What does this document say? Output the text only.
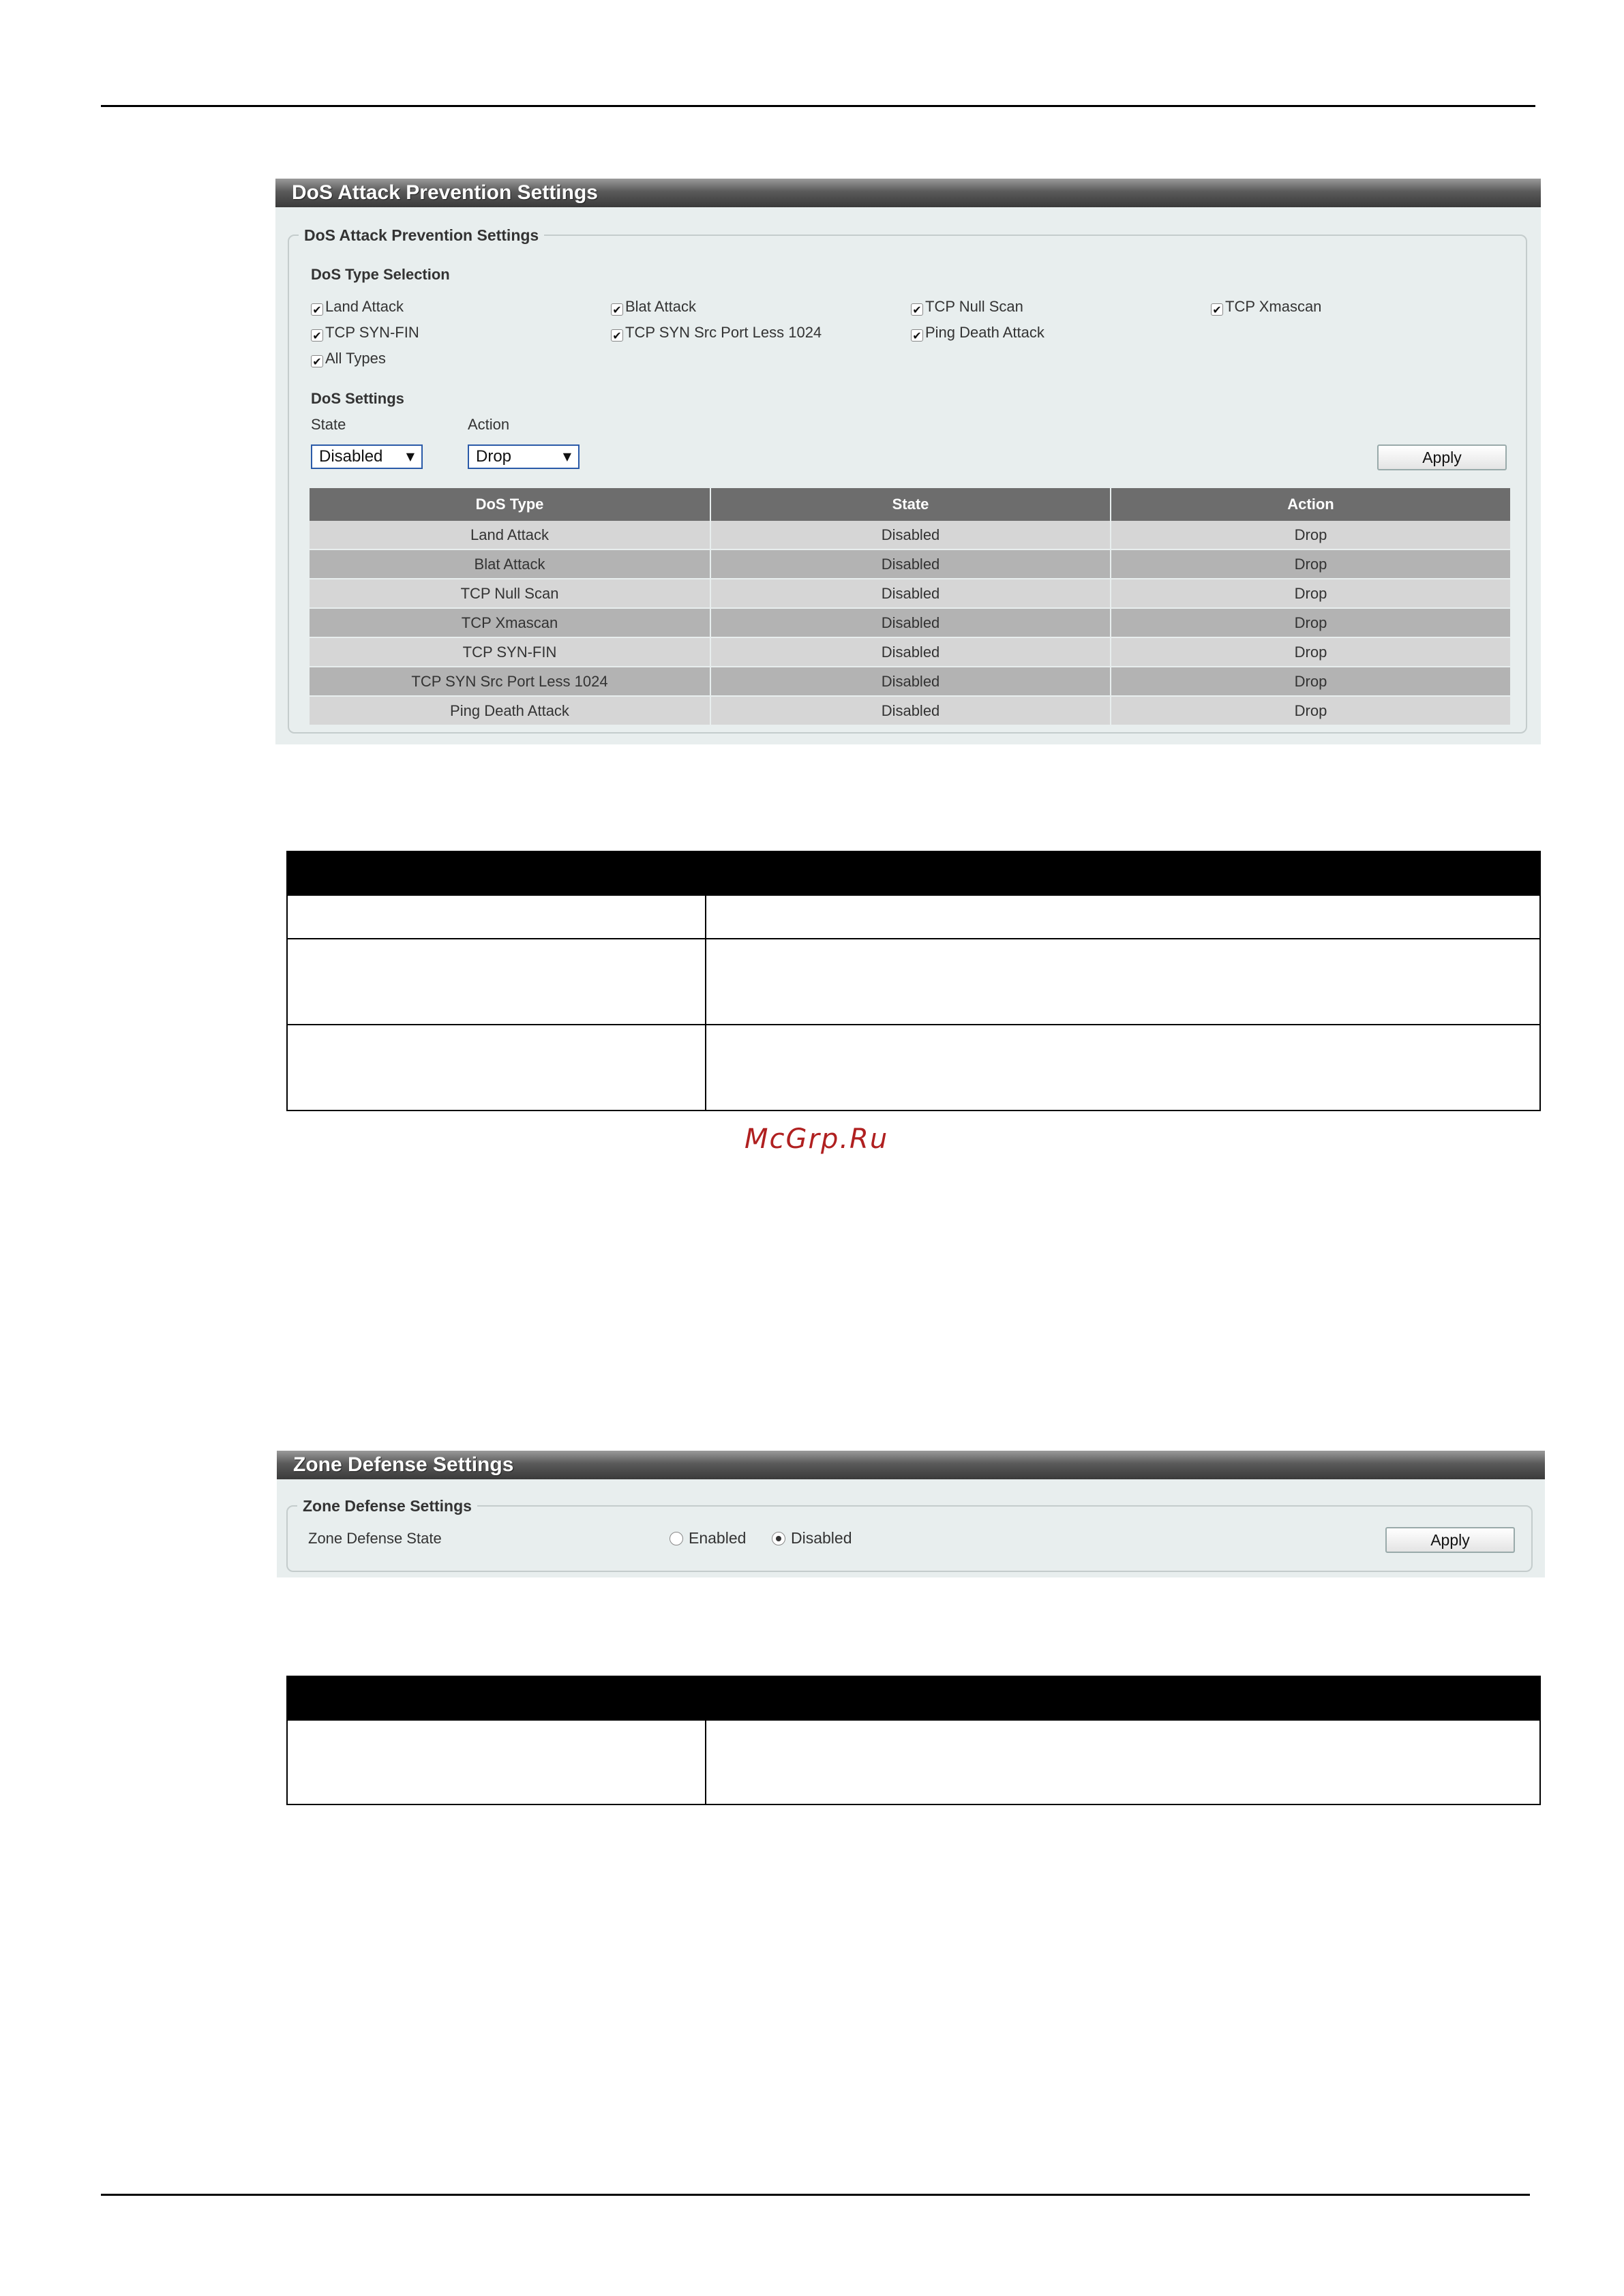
DoS Attack Prevention Settings
DoS Attack Prevention Settings
DoS Type Selection
✔ Land Attack	✔ Blat Attack	✔ TCP Null Scan	✔ TCP Xmascan
✔ TCP SYN-FIN	✔ TCP SYN Src Port Less 1024	✔ Ping Death Attack
✔ All Types
DoS Settings
State	Action
Disabled ▼	Drop	▼	Apply
DoS Type	State	Action
Land Attack	Disabled	Drop
Blat Attack	Disabled	Drop
TCP Null Scan	Disabled	Drop
TCP Xmascan	Disabled	Drop
TCP SYN-FIN	Disabled	Drop
TCP SYN Src Port Less 1024	Disabled	Drop
Ping Death Attack	Disabled	Drop

McGrp.Ru
Zone Defense Settings
Zone Defense Settings
Zone Defense State	Enabled	Disabled	Apply
